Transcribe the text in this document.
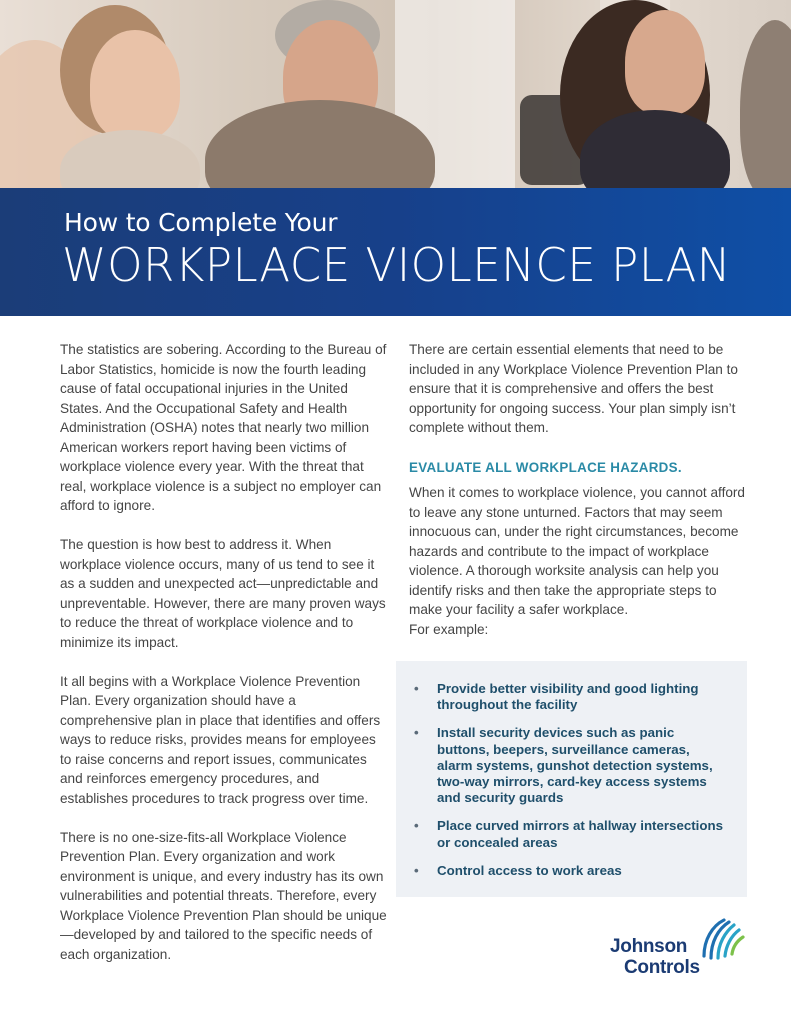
How to Complete Your
WORKPLACE VIOLENCE PLAN

The statistics are sobering. According to the Bureau of Labor Statistics, homicide is now the fourth leading cause of fatal occupational injuries in the United States. And the Occupational Safety and Health Administration (OSHA) notes that nearly two million American workers report having been victims of workplace violence every year. With the threat that real, workplace violence is a subject no employer can afford to ignore.

The question is how best to address it. When workplace violence occurs, many of us tend to see it as a sudden and unexpected act—unpredictable and unpreventable. However, there are many proven ways to reduce the threat of workplace violence and to minimize its impact.

It all begins with a Workplace Violence Prevention Plan. Every organization should have a comprehensive plan in place that identifies and offers ways to reduce risks, provides means for employees to raise concerns and report issues, communicates and reinforces emergency procedures, and establishes procedures to track progress over time.

There is no one-size-fits-all Workplace Violence Prevention Plan. Every organization and work environment is unique, and every industry has its own vulnerabilities and potential threats. Therefore, every Workplace Violence Prevention Plan should be unique—developed by and tailored to the specific needs of each organization.

There are certain essential elements that need to be included in any Workplace Violence Prevention Plan to ensure that it is comprehensive and offers the best opportunity for ongoing success. Your plan simply isn’t complete without them.

EVALUATE ALL WORKPLACE HAZARDS.
When it comes to workplace violence, you cannot afford to leave any stone unturned. Factors that may seem innocuous can, under the right circumstances, become hazards and contribute to the impact of workplace violence. A thorough worksite analysis can help you identify risks and then take the appropriate steps to make your facility a safer workplace.
For example:
• Provide better visibility and good lighting throughout the facility
• Install security devices such as panic buttons, beepers, surveillance cameras, alarm systems, gunshot detection systems, two-way mirrors, card-key access systems and security guards
• Place curved mirrors at hallway intersections or concealed areas
• Control access to work areas
Johnson
Controls
